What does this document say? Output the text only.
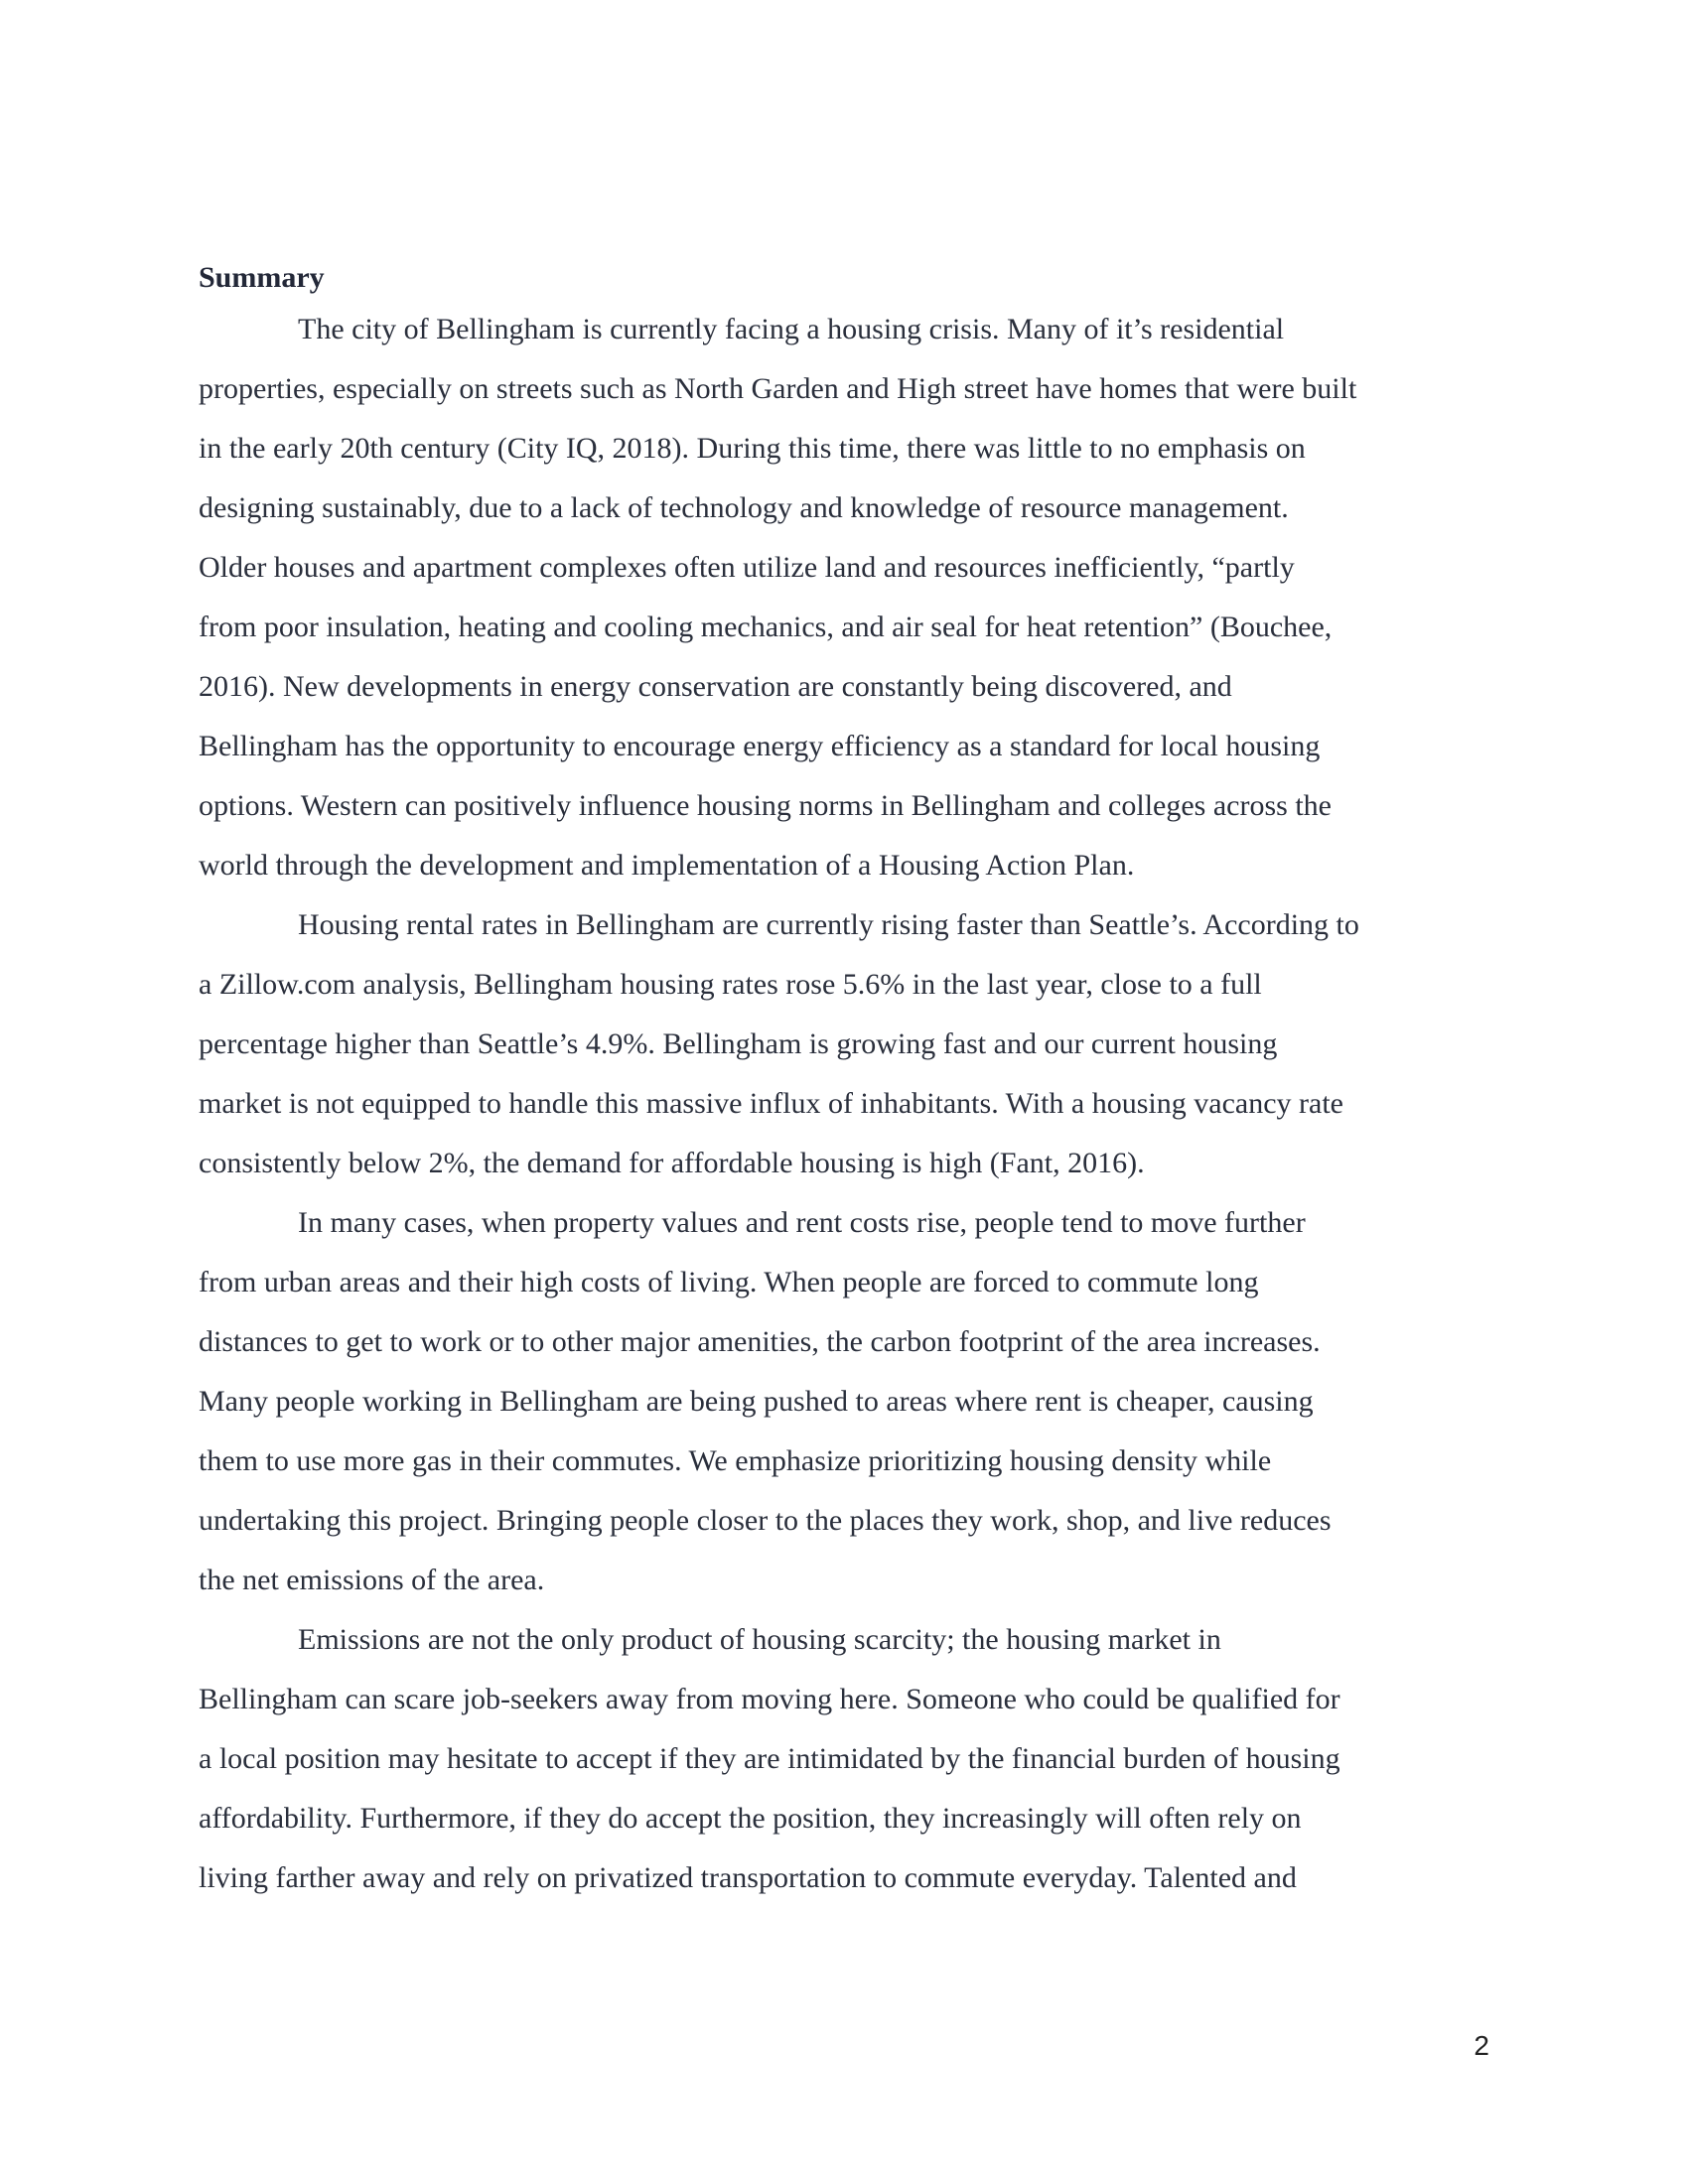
Summary
The city of Bellingham is currently facing a housing crisis. Many of it’s residential
properties, especially on streets such as North Garden and High street have homes that were built
in the early 20th century (City IQ, 2018). During this time, there was little to no emphasis on
designing sustainably, due to a lack of technology and knowledge of resource management.
Older houses and apartment complexes often utilize land and resources inefficiently, “partly
from poor insulation, heating and cooling mechanics, and air seal for heat retention” (Bouchee,
2016). New developments in energy conservation are constantly being discovered, and
Bellingham has the opportunity to encourage energy efficiency as a standard for local housing
options. Western can positively influence housing norms in Bellingham and colleges across the
world through the development and implementation of a Housing Action Plan.
Housing rental rates in Bellingham are currently rising faster than Seattle’s. According to
a Zillow.com analysis, Bellingham housing rates rose 5.6% in the last year, close to a full
percentage higher than Seattle’s 4.9%. Bellingham is growing fast and our current housing
market is not equipped to handle this massive influx of inhabitants. With a housing vacancy rate
consistently below 2%, the demand for affordable housing is high (Fant, 2016).
In many cases, when property values and rent costs rise, people tend to move further
from urban areas and their high costs of living. When people are forced to commute long
distances to get to work or to other major amenities, the carbon footprint of the area increases.
Many people working in Bellingham are being pushed to areas where rent is cheaper, causing
them to use more gas in their commutes. We emphasize prioritizing housing density while
undertaking this project. Bringing people closer to the places they work, shop, and live reduces
the net emissions of the area.
Emissions are not the only product of housing scarcity; the housing market in
Bellingham can scare job-seekers away from moving here. Someone who could be qualified for
a local position may hesitate to accept if they are intimidated by the financial burden of housing
affordability. Furthermore, if they do accept the position, they increasingly will often rely on
living farther away and rely on privatized transportation to commute everyday. Talented and
2
